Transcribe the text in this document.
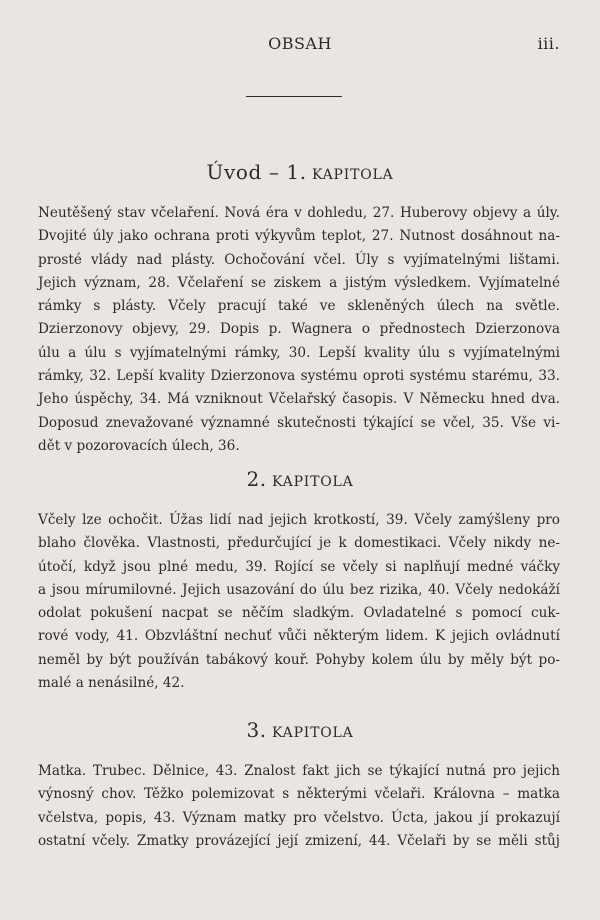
OBSAH	iii.
Úvod – 1. KAPITOLA
Neutěšený stav včelaření. Nová éra v dohledu, 27. Huberovy objevy a úly.
Dvojité úly jako ochrana proti výkyvům teplot, 27. Nutnost dosáhnout na-
prosté vlády nad plásty. Ochočování včel. Úly s vyjímatelnými lištami.
Jejich význam, 28. Včelaření se ziskem a jistým výsledkem. Vyjímatelné
rámky s plásty. Včely pracují také ve skleněných úlech na světle.
Dzierzonovy objevy, 29. Dopis p. Wagnera o přednostech Dzierzonova
úlu a úlu s vyjímatelnými rámky, 30. Lepší kvality úlu s vyjímatelnými
rámky, 32. Lepší kvality Dzierzonova systému oproti systému starému, 33.
Jeho úspěchy, 34. Má vzniknout Včelařský časopis. V Německu hned dva.
Doposud znevažované významné skutečnosti týkající se včel, 35. Vše vi-
dět v pozorovacích úlech, 36.
2. KAPITOLA
Včely lze ochočit. Úžas lidí nad jejich krotkostí, 39. Včely zamýšleny pro
blaho člověka. Vlastnosti, předurčující je k domestikaci. Včely nikdy ne-
útočí, když jsou plné medu, 39. Rojící se včely si naplňují medné váčky
a jsou mírumilovné. Jejich usazování do úlu bez rizika, 40. Včely nedokáží
odolat pokušení nacpat se něčím sladkým. Ovladatelné s pomocí cuk-
rové vody, 41. Obzvláštní nechuť vůči některým lidem. K jejich ovládnutí
neměl by být používán tabákový kouř. Pohyby kolem úlu by měly být po-
malé a nenásilné, 42.
3. KAPITOLA
Matka. Trubec. Dělnice, 43. Znalost fakt jich se týkající nutná pro jejich
výnosný chov. Těžko polemizovat s některými včelaři. Královna – matka
včelstva, popis, 43. Význam matky pro včelstvo. Úcta, jakou jí prokazují
ostatní včely. Zmatky provázející její zmizení, 44. Včelaři by se měli stůj
· ·
